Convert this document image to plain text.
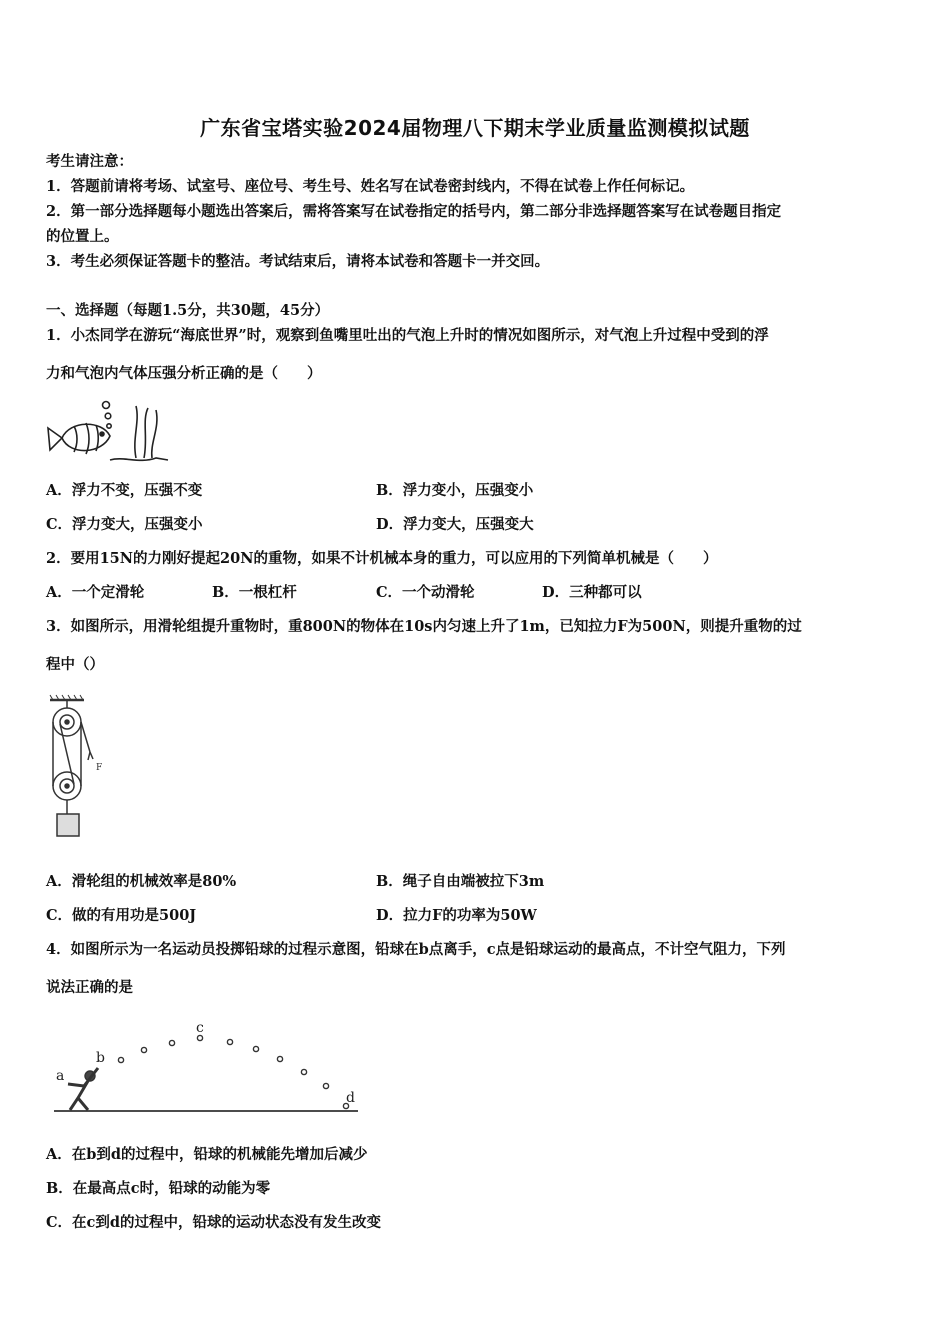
广东省宝塔实验2024届物理八下期末学业质量监测模拟试题
考生请注意：
1．答题前请将考场、试室号、座位号、考生号、姓名写在试卷密封线内，不得在试卷上作任何标记。
2．第一部分选择题每小题选出答案后，需将答案写在试卷指定的括号内，第二部分非选择题答案写在试卷题目指定
的位置上。
3．考生必须保证答题卡的整洁。考试结束后，请将本试卷和答题卡一并交回。
一、选择题（每题1.5分，共30题，45分）
1．小杰同学在游玩“海底世界”时，观察到鱼嘴里吐出的气泡上升时的情况如图所示，对气泡上升过程中受到的浮
力和气泡内气体压强分析正确的是（　　）
A．浮力不变，压强不变	B．浮力变小，压强变小
C．浮力变大，压强变小	D．浮力变大，压强变大
2．要用15N的力刚好提起20N的重物，如果不计机械本身的重力，可以应用的下列简单机械是（　　）
A．一个定滑轮	B．一根杠杆	C．一个动滑轮	D．三种都可以
3．如图所示，用滑轮组提升重物时，重800N的物体在10s内匀速上升了1m，已知拉力F为500N，则提升重物的过
程中（）
F
A．滑轮组的机械效率是80%	B．绳子自由端被拉下3m
C．做的有用功是500J	D．拉力F的功率为50W
4．如图所示为一名运动员投掷铅球的过程示意图，铅球在b点离手，c点是铅球运动的最高点，不计空气阻力，下列
说法正确的是
a
b
c
d
A．在b到d的过程中，铅球的机械能先增加后减少
B．在最高点c时，铅球的动能为零
C．在c到d的过程中，铅球的运动状态没有发生改变
